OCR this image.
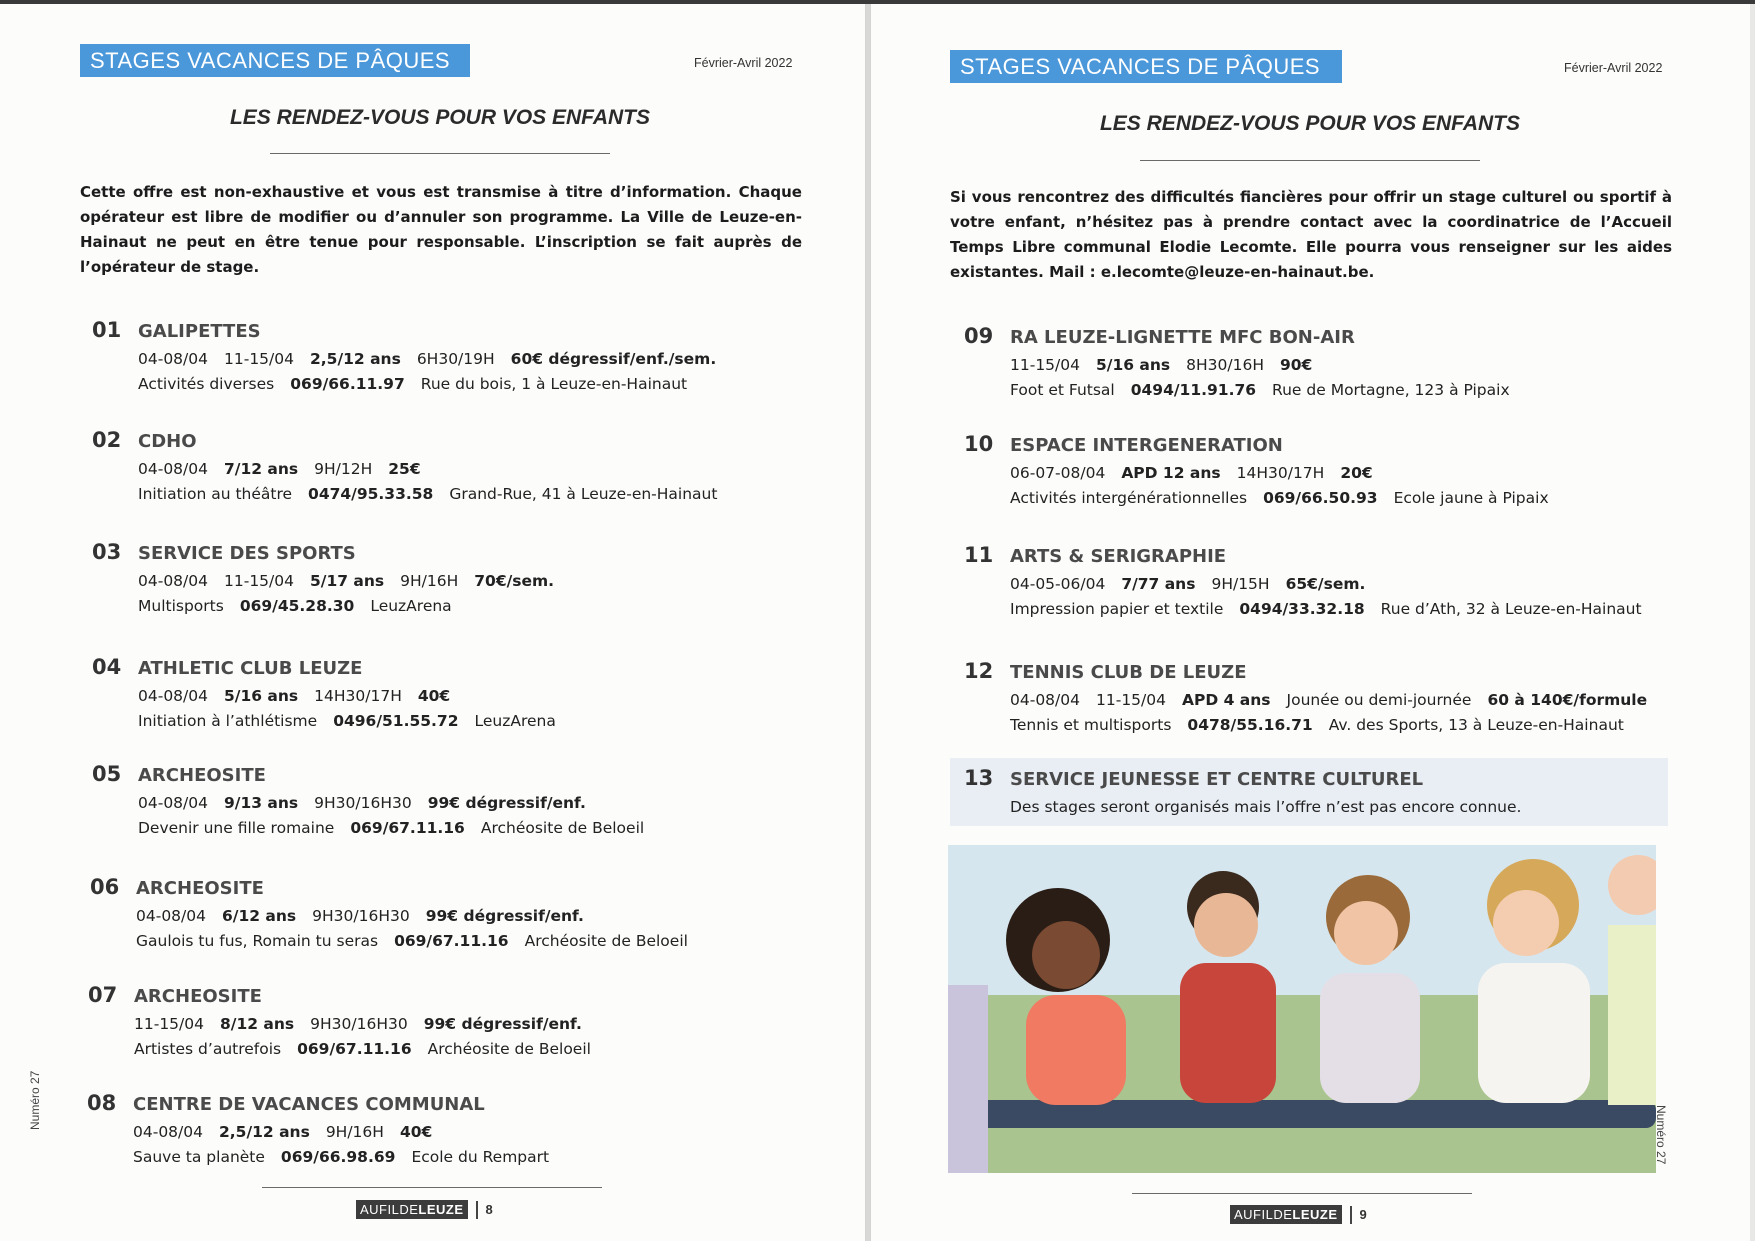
STAGES VACANCES DE PÂQUES	Février-Avril 2022
LES RENDEZ-VOUS POUR VOS ENFANTS
Cette offre est non-exhaustive et vous est transmise à titre d’information. Chaque opérateur est libre de modifier ou d’annuler son programme. La Ville de Leuze-en-Hainaut ne peut en être tenue pour responsable. L’inscription se fait auprès de l’opérateur de stage.
01 GALIPETTES
04-08/04 11-15/04 2,5/12 ans 6H30/19H 60€ dégressif/enf./sem.
Activités diverses 069/66.11.97 Rue du bois, 1 à Leuze-en-Hainaut
02 CDHO
04-08/04 7/12 ans 9H/12H 25€
Initiation au théâtre 0474/95.33.58 Grand-Rue, 41 à Leuze-en-Hainaut
03 SERVICE DES SPORTS
04-08/04 11-15/04 5/17 ans 9H/16H 70€/sem.
Multisports 069/45.28.30 LeuzArena
04 ATHLETIC CLUB LEUZE
04-08/04 5/16 ans 14H30/17H 40€
Initiation à l’athlétisme 0496/51.55.72 LeuzArena
05 ARCHEOSITE
04-08/04 9/13 ans 9H30/16H30 99€ dégressif/enf.
Devenir une fille romaine 069/67.11.16 Archéosite de Beloeil
06 ARCHEOSITE
04-08/04 6/12 ans 9H30/16H30 99€ dégressif/enf.
Gaulois tu fus, Romain tu seras 069/67.11.16 Archéosite de Beloeil
07 ARCHEOSITE
11-15/04 8/12 ans 9H30/16H30 99€ dégressif/enf.
Artistes d’autrefois 069/67.11.16 Archéosite de Beloeil
08 CENTRE DE VACANCES COMMUNAL
04-08/04 2,5/12 ans 9H/16H 40€
Sauve ta planète 069/66.98.69 Ecole du Rempart
Numéro 27
AUFILDELEUZE	8
STAGES VACANCES DE PÂQUES	Février-Avril 2022
LES RENDEZ-VOUS POUR VOS ENFANTS
Si vous rencontrez des difficultés fiancières pour offrir un stage culturel ou sportif à votre enfant, n’hésitez pas à prendre contact avec la coordinatrice de l’Accueil Temps Libre communal Elodie Lecomte. Elle pourra vous renseigner sur les aides existantes. Mail : e.lecomte@leuze-en-hainaut.be.
09 RA LEUZE-LIGNETTE MFC BON-AIR
11-15/04 5/16 ans 8H30/16H 90€
Foot et Futsal 0494/11.91.76 Rue de Mortagne, 123 à Pipaix
10 ESPACE INTERGENERATION
06-07-08/04 APD 12 ans 14H30/17H 20€
Activités intergénérationnelles 069/66.50.93 Ecole jaune à Pipaix
11 ARTS & SERIGRAPHIE
04-05-06/04 7/77 ans 9H/15H 65€/sem.
Impression papier et textile 0494/33.32.18 Rue d’Ath, 32 à Leuze-en-Hainaut
12 TENNIS CLUB DE LEUZE
04-08/04 11-15/04 APD 4 ans Jounée ou demi-journée 60 à 140€/formule
Tennis et multisports 0478/55.16.71 Av. des Sports, 13 à Leuze-en-Hainaut
13 SERVICE JEUNESSE ET CENTRE CULTUREL
Des stages seront organisés mais l’offre n’est pas encore connue.
Numéro 27
AUFILDELEUZE	9
